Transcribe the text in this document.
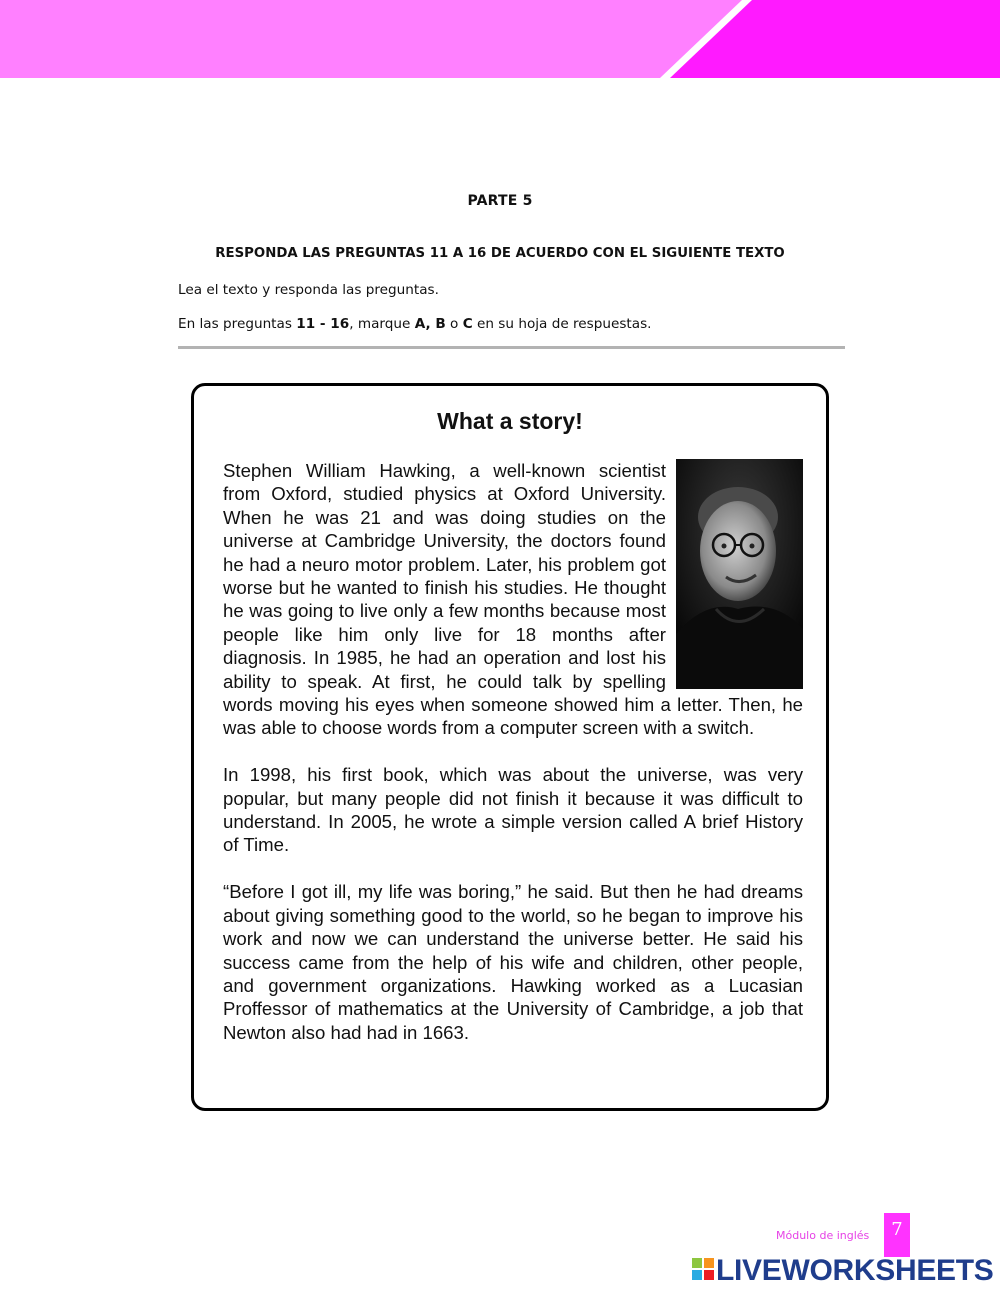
PARTE 5
RESPONDA LAS PREGUNTAS 11 A 16 DE ACUERDO CON EL SIGUIENTE TEXTO
Lea el texto y responda las preguntas.
En las preguntas 11 - 16, marque A, B o C en su hoja de respuestas.
What a story!

Stephen William Hawking, a well-known scientist from Oxford, studied physics at Oxford University. When he was 21 and was doing studies on the universe at Cambridge University, the doctors found he had a neuro motor problem. Later, his problem got worse but he wanted to finish his studies. He thought he was going to live only a few months because most people like him only live for 18 months after diagnosis. In 1985, he had an operation and lost his ability to speak. At first, he could talk by spelling words moving his eyes when someone showed him a letter. Then, he was able to choose words from a computer screen with a switch.

In 1998, his first book, which was about the universe, was very popular, but many people did not finish it because it was difficult to understand. In 2005, he wrote a simple version called A brief History of Time.

“Before I got ill, my life was boring,” he said. But then he had dreams about giving something good to the world, so he began to improve his work and now we can understand the universe better. He said his success came from the help of his wife and children, other people, and government organizations. Hawking worked as a Lucasian Proffessor of mathematics at the University of Cambridge, a job that Newton also had had in 1663.

Módulo de inglés	7
LIVEWORKSHEETS
